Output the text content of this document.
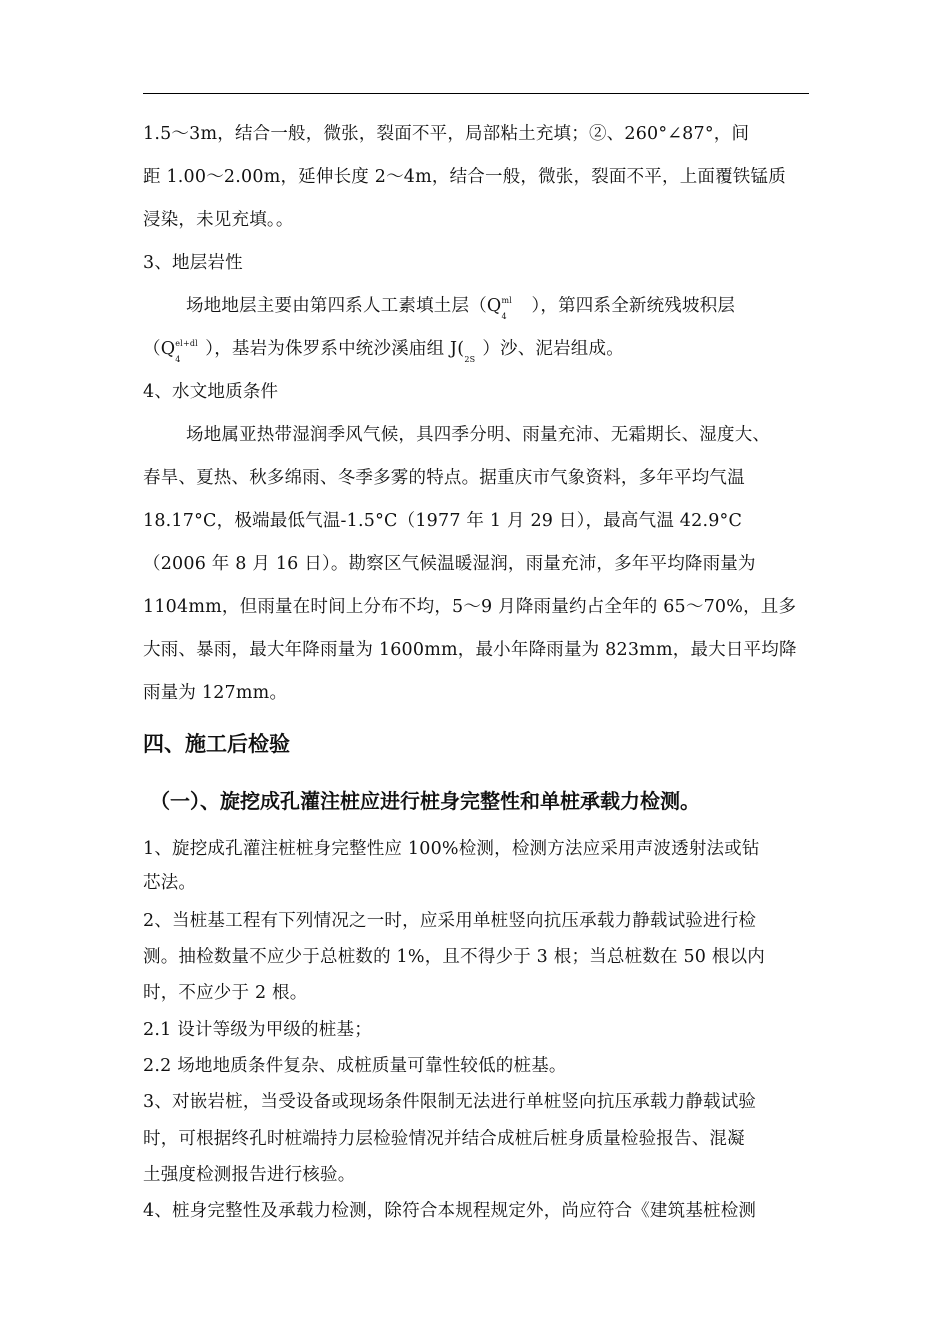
1.5～3m，结合一般，微张，裂面不平，局部粘土充填；②、260°∠87°，间

距 1.00～2.00m，延伸长度 2～4m，结合一般，微张，裂面不平，上面覆铁锰质

浸染，未见充填。。

3、地层岩性

场地地层主要由第四系人工素填土层（Q ml
4 ），第四系全新统残坡积层

（Q el+dl
4 ），基岩为侏罗系中统沙溪庙组 J( 2S ）沙、泥岩组成。

4、水文地质条件

场地属亚热带湿润季风气候，具四季分明、雨量充沛、无霜期长、湿度大、

春旱、夏热、秋多绵雨、冬季多雾的特点。据重庆市气象资料，多年平均气温

18.17°C，极端最低气温-1.5°C（1977 年 1 月 29 日），最高气温 42.9°C

（2006 年 8 月 16 日）。勘察区气候温暖湿润，雨量充沛，多年平均降雨量为

1104mm，但雨量在时间上分布不均，5～9 月降雨量约占全年的 65～70%，且多

大雨、暴雨，最大年降雨量为 1600mm，最小年降雨量为 823mm，最大日平均降

雨量为 127mm。

四、施工后检验
（一）、旋挖成孔灌注桩应进行桩身完整性和单桩承载力检测。

1、旋挖成孔灌注桩桩身完整性应 100%检测，检测方法应采用声波透射法或钻

芯法。

2、当桩基工程有下列情况之一时，应采用单桩竖向抗压承载力静载试验进行检

测。抽检数量不应少于总桩数的 1%，且不得少于 3 根；当总桩数在 50 根以内

时，不应少于 2 根。

2.1 设计等级为甲级的桩基；

2.2 场地地质条件复杂、成桩质量可靠性较低的桩基。

3、对嵌岩桩，当受设备或现场条件限制无法进行单桩竖向抗压承载力静载试验

时，可根据终孔时桩端持力层检验情况并结合成桩后桩身质量检验报告、混凝

土强度检测报告进行核验。

4、桩身完整性及承载力检测，除符合本规程规定外，尚应符合《建筑基桩检测
